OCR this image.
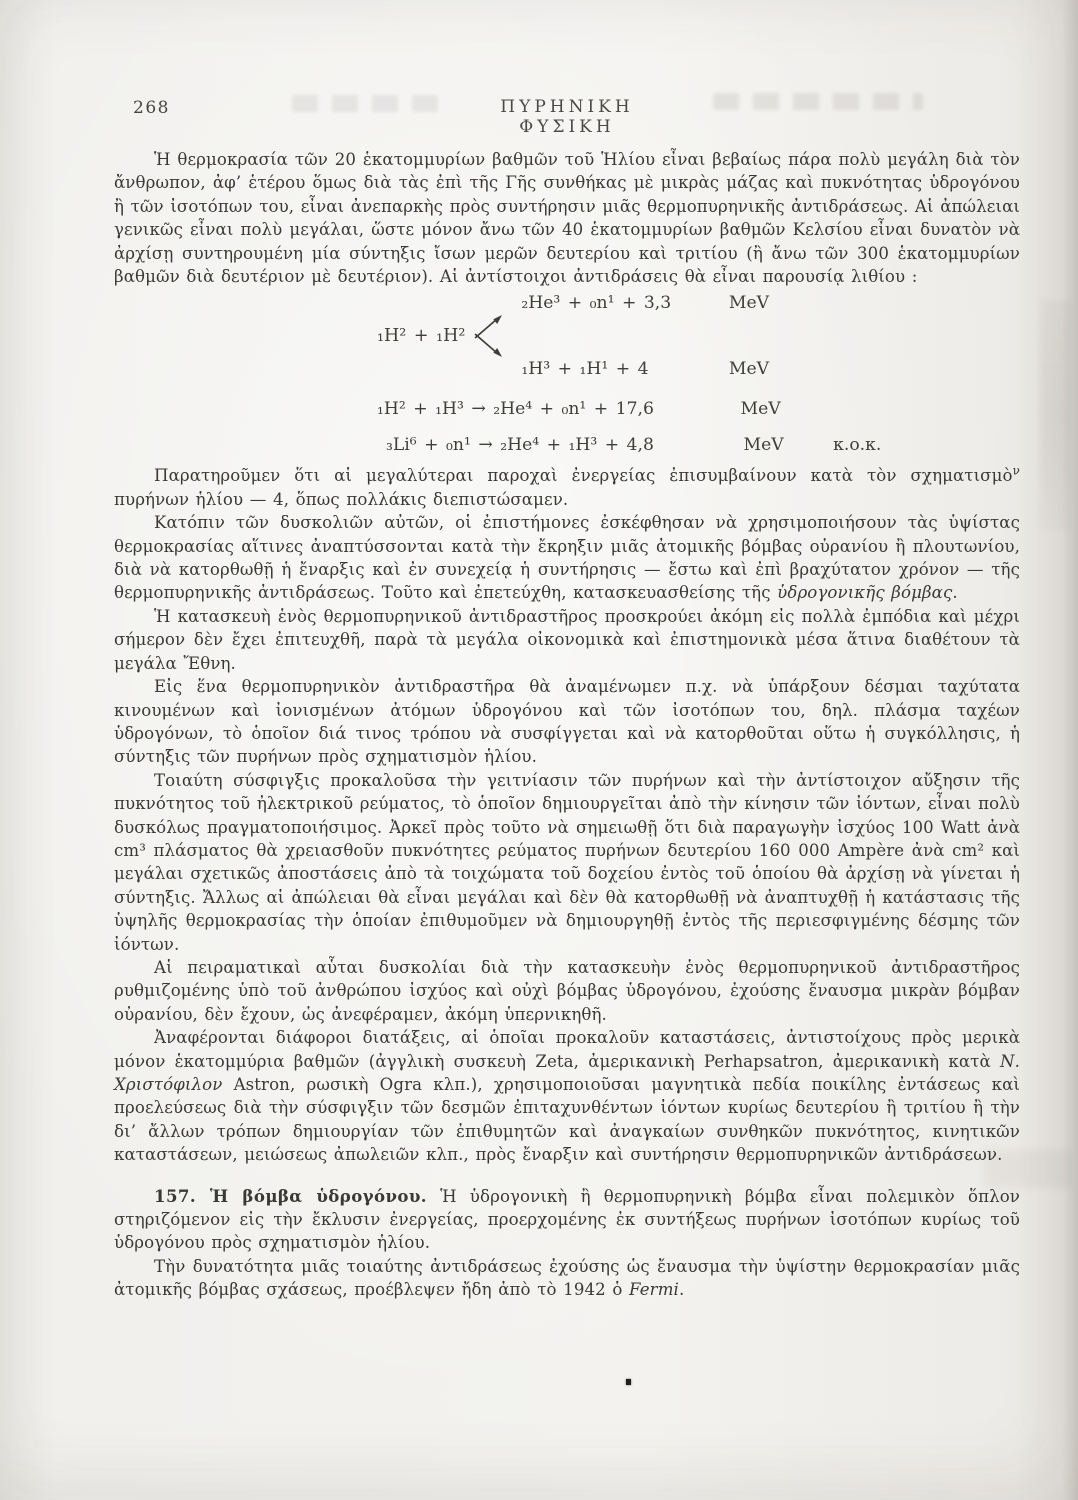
268	ΠΥΡΗΝΙΚΗ ΦΥΣΙΚΗ

Ἡ θερμοκρασία τῶν 20 ἑκατομμυρίων βαθμῶν τοῦ Ἡλίου εἶναι βεβαίως πάρα πολὺ μεγάλη διὰ τὸν ἄνθρωπον, ἀφ’ ἑτέρου ὅμως διὰ τὰς ἐπὶ τῆς Γῆς συνθήκας μὲ μικρὰς μάζας καὶ πυκνότητας ὑδρογόνου ἢ τῶν ἰσοτόπων του, εἶναι ἀνεπαρκὴς πρὸς συντήρησιν μιᾶς θερμοπυρηνικῆς ἀντιδράσεως. Αἱ ἀπώλειαι γενικῶς εἶναι πολὺ μεγάλαι, ὥστε μόνον ἄνω τῶν 40 ἑκατομμυρίων βαθμῶν Κελσίου εἶναι δυνατὸν νὰ ἀρχίσῃ συντηρουμένη μία σύντηξις ἴσων μερῶν δευτερίου καὶ τριτίου (ἢ ἄνω τῶν 300 ἑκατομμυρίων βαθμῶν διὰ δευτέριον μὲ δευτέριον). Αἱ ἀντίστοιχοι ἀντιδράσεις θὰ εἶναι παρουσίᾳ λιθίου :

₁H² + ₁H²
₂He³ + ₀n¹ + 3,3	MeV
₁H³ + ₁H¹ + 4	MeV
₁H² + ₁H³ → ₂He⁴ + ₀n¹ + 17,6	MeV
₃Li⁶ + ₀n¹ → ₂He⁴ + ₁H³ + 4,8	MeV	κ.ο.κ.

Παρατηροῦμεν ὅτι αἱ μεγαλύτεραι παροχαὶ ἐνεργείας ἐπισυμβαίνουν κατὰ τὸν σχηματισμὸ$^\nu$ πυρήνων ἡλίου — 4, ὅπως πολλάκις διεπιστώσαμεν.

Κατόπιν τῶν δυσκολιῶν αὐτῶν, οἱ ἐπιστήμονες ἐσκέφθησαν νὰ χρησιμοποιήσουν τὰς ὑψίστας θερμοκρασίας αἵτινες ἀναπτύσσονται κατὰ τὴν ἔκρηξιν μιᾶς ἀτομικῆς βόμβας οὐρανίου ἢ πλουτωνίου, διὰ νὰ κατορθωθῇ ἡ ἔναρξις καὶ ἐν συνεχείᾳ ἡ συντήρησις — ἔστω καὶ ἐπὶ βραχύτατον χρόνον — τῆς θερμοπυρηνικῆς ἀντιδράσεως. Τοῦτο καὶ ἐπετεύχθη, κατασκευασθείσης τῆς ὑδρογονικῆς βόμβας.

Ἡ κατασκευὴ ἑνὸς θερμοπυρηνικοῦ ἀντιδραστῆρος προσκρούει ἀκόμη εἰς πολλὰ ἐμπόδια καὶ μέχρι σήμερον δὲν ἔχει ἐπιτευχθῆ, παρὰ τὰ μεγάλα οἰκονομικὰ καὶ ἐπιστημονικὰ μέσα ἅτινα διαθέτουν τὰ μεγάλα Ἔθνη.

Εἰς ἕνα θερμοπυρηνικὸν ἀντιδραστῆρα θὰ ἀναμένωμεν π.χ. νὰ ὑπάρξουν δέσμαι ταχύτατα κινουμένων καὶ ἰονισμένων ἀτόμων ὑδρογόνου καὶ τῶν ἰσοτόπων του, δηλ. πλάσμα ταχέων ὑδρογόνων, τὸ ὁποῖον διά τινος τρόπου νὰ συσφίγγεται καὶ νὰ κατορθοῦται οὕτω ἡ συγκόλλησις, ἡ σύντηξις τῶν πυρήνων πρὸς σχηματισμὸν ἡλίου.

Τοιαύτη σύσφιγξις προκαλοῦσα τὴν γειτνίασιν τῶν πυρήνων καὶ τὴν ἀντίστοιχον αὔξησιν τῆς πυκνότητος τοῦ ἠλεκτρικοῦ ρεύματος, τὸ ὁποῖον δημιουργεῖται ἀπὸ τὴν κίνησιν τῶν ἰόντων, εἶναι πολὺ δυσκόλως πραγματοποιήσιμος. Ἀρκεῖ πρὸς τοῦτο νὰ σημειωθῇ ὅτι διὰ παραγωγὴν ἰσχύος 100 Watt ἀνὰ cm³ πλάσματος θὰ χρειασθοῦν πυκνότητες ρεύματος πυρήνων δευτερίου 160 000 Ampère ἀνὰ cm² καὶ μεγάλαι σχετικῶς ἀποστάσεις ἀπὸ τὰ τοιχώματα τοῦ δοχείου ἐντὸς τοῦ ὁποίου θὰ ἀρχίσῃ νὰ γίνεται ἡ σύντηξις. Ἄλλως αἱ ἀπώλειαι θὰ εἶναι μεγάλαι καὶ δὲν θὰ κατορθωθῇ νὰ ἀναπτυχθῇ ἡ κατάστασις τῆς ὑψηλῆς θερμοκρασίας τὴν ὁποίαν ἐπιθυμοῦμεν νὰ δημιουργηθῇ ἐντὸς τῆς περιεσφιγμένης δέσμης τῶν ἰόντων.

Αἱ πειραματικαὶ αὗται δυσκολίαι διὰ τὴν κατασκευὴν ἑνὸς θερμοπυρηνικοῦ ἀντιδραστῆρος ρυθμιζομένης ὑπὸ τοῦ ἀνθρώπου ἰσχύος καὶ οὐχὶ βόμβας ὑδρογόνου, ἐχούσης ἔναυσμα μικρὰν βόμβαν οὐρανίου, δὲν ἔχουν, ὡς ἀνεφέραμεν, ἀκόμη ὑπερνικηθῆ.

Ἀναφέρονται διάφοροι διατάξεις, αἱ ὁποῖαι προκαλοῦν καταστάσεις, ἀντιστοίχους πρὸς μερικὰ μόνον ἑκατομμύρια βαθμῶν (ἀγγλικὴ συσκευὴ Zeta, ἀμερικανικὴ Perhapsatron, ἀμερικανικὴ κατὰ Ν. Χριστόφιλον Astron, ρωσικὴ Ogra κλπ.), χρησιμοποιοῦσαι μαγνητικὰ πεδία ποικίλης ἐντάσεως καὶ προελεύσεως διὰ τὴν σύσφιγξιν τῶν δεσμῶν ἐπιταχυνθέντων ἰόντων κυρίως δευτερίου ἢ τριτίου ἢ τὴν δι’ ἄλλων τρόπων δημιουργίαν τῶν ἐπιθυμητῶν καὶ ἀναγκαίων συνθηκῶν πυκνότητος, κινητικῶν καταστάσεων, μειώσεως ἀπωλειῶν κλπ., πρὸς ἔναρξιν καὶ συντήρησιν θερμοπυρηνικῶν ἀντιδράσεων.

157. Ἡ βόμβα ὑδρογόνου. Ἡ ὑδρογονικὴ ἢ θερμοπυρηνικὴ βόμβα εἶναι πολεμικὸν ὅπλον στηριζόμενον εἰς τὴν ἔκλυσιν ἐνεργείας, προερχομένης ἐκ συντήξεως πυρήνων ἰσοτόπων κυρίως τοῦ ὑδρογόνου πρὸς σχηματισμὸν ἡλίου.

Τὴν δυνατότητα μιᾶς τοιαύτης ἀντιδράσεως ἐχούσης ὡς ἔναυσμα τὴν ὑψίστην θερμοκρασίαν μιᾶς ἀτομικῆς βόμβας σχάσεως, προέβλεψεν ἤδη ἀπὸ τὸ 1942 ὁ Fermi.
